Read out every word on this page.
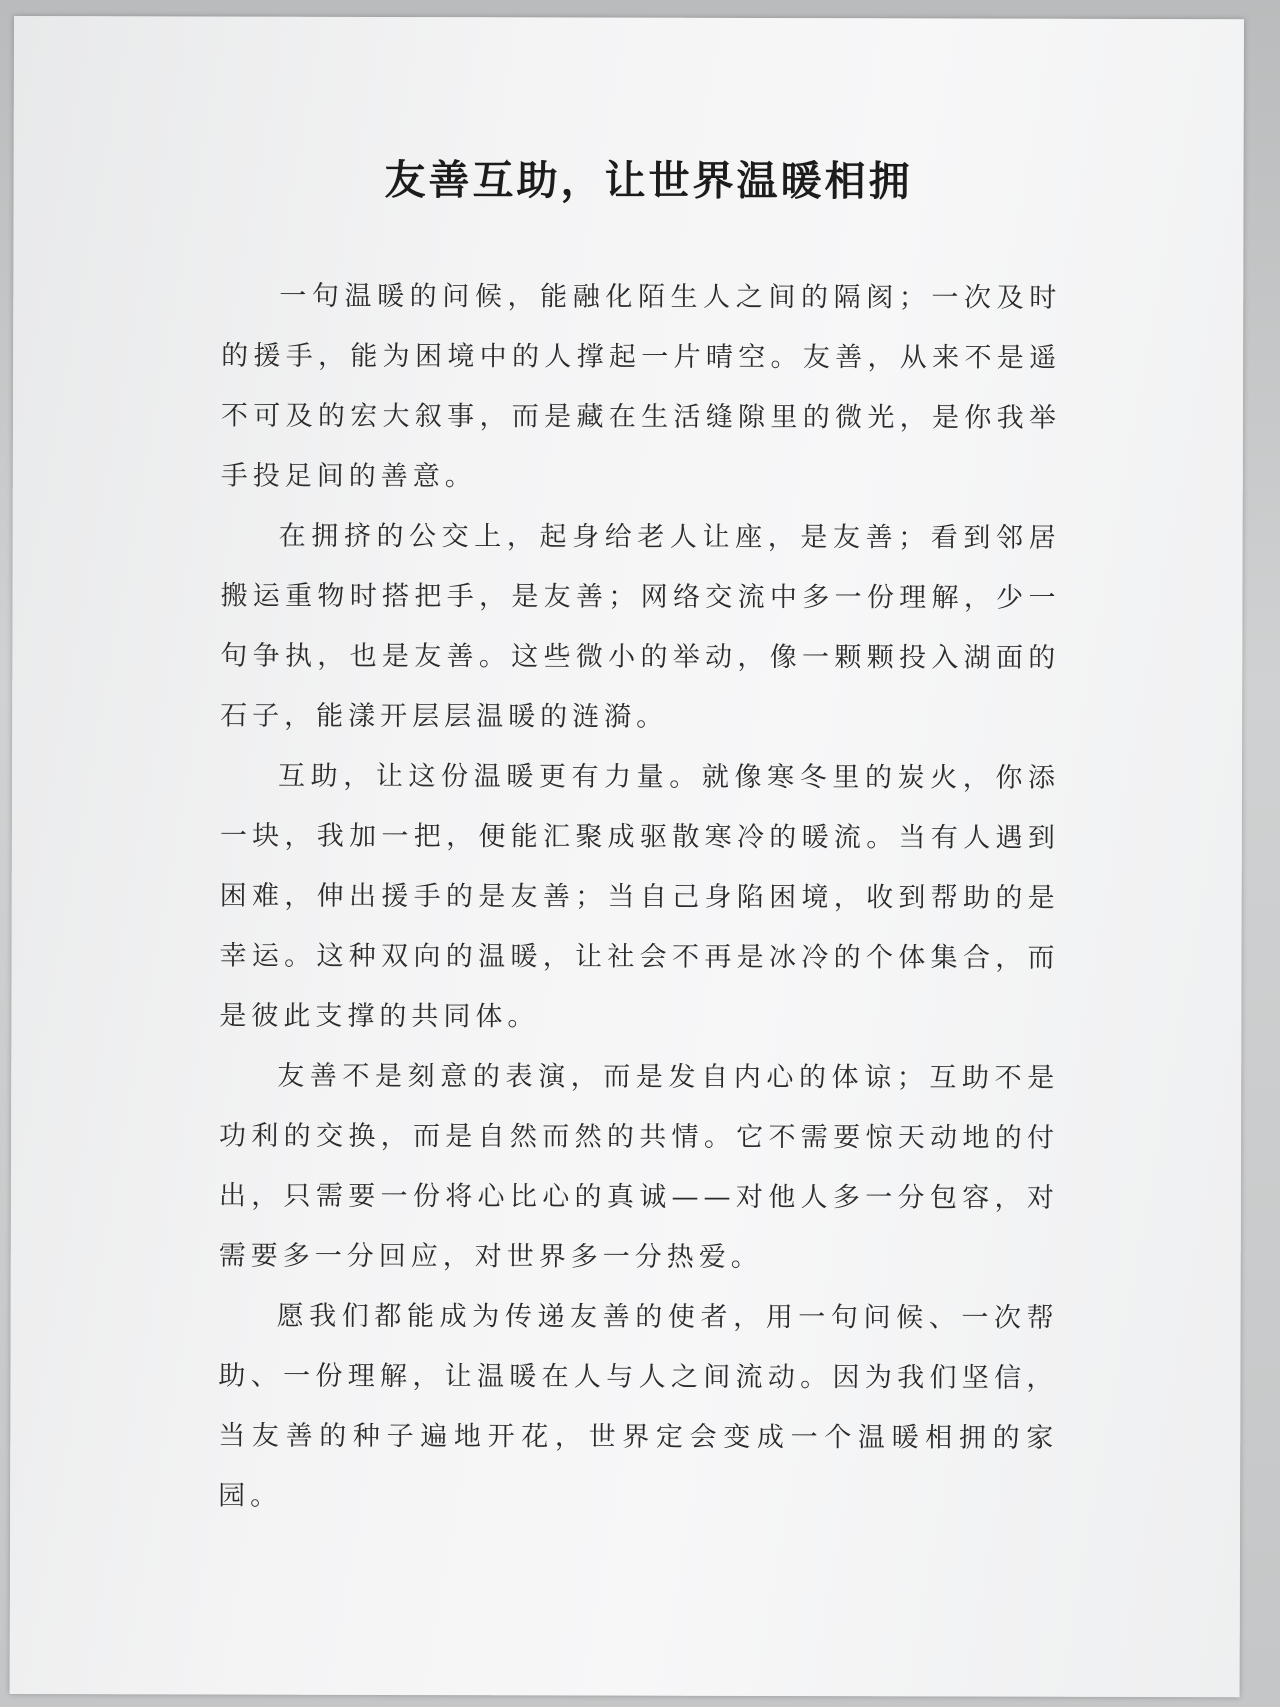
友善互助，让世界温暖相拥

一句温暖的问候，能融化陌生人之间的隔阂；一次及时的援手，能为困境中的人撑起一片晴空。友善，从来不是遥不可及的宏大叙事，而是藏在生活缝隙里的微光，是你我举手投足间的善意。

在拥挤的公交上，起身给老人让座，是友善；看到邻居搬运重物时搭把手，是友善；网络交流中多一份理解，少一句争执，也是友善。这些微小的举动，像一颗颗投入湖面的石子，能漾开层层温暖的涟漪。

互助，让这份温暖更有力量。就像寒冬里的炭火，你添一块，我加一把，便能汇聚成驱散寒冷的暖流。当有人遇到困难，伸出援手的是友善；当自己身陷困境，收到帮助的是幸运。这种双向的温暖，让社会不再是冰冷的个体集合，而是彼此支撑的共同体。

友善不是刻意的表演，而是发自内心的体谅；互助不是功利的交换，而是自然而然的共情。它不需要惊天动地的付出，只需要一份将心比心的真诚——对他人多一分包容，对需要多一分回应，对世界多一分热爱。

愿我们都能成为传递友善的使者，用一句问候、一次帮助、一份理解，让温暖在人与人之间流动。因为我们坚信，当友善的种子遍地开花，世界定会变成一个温暖相拥的家园。
